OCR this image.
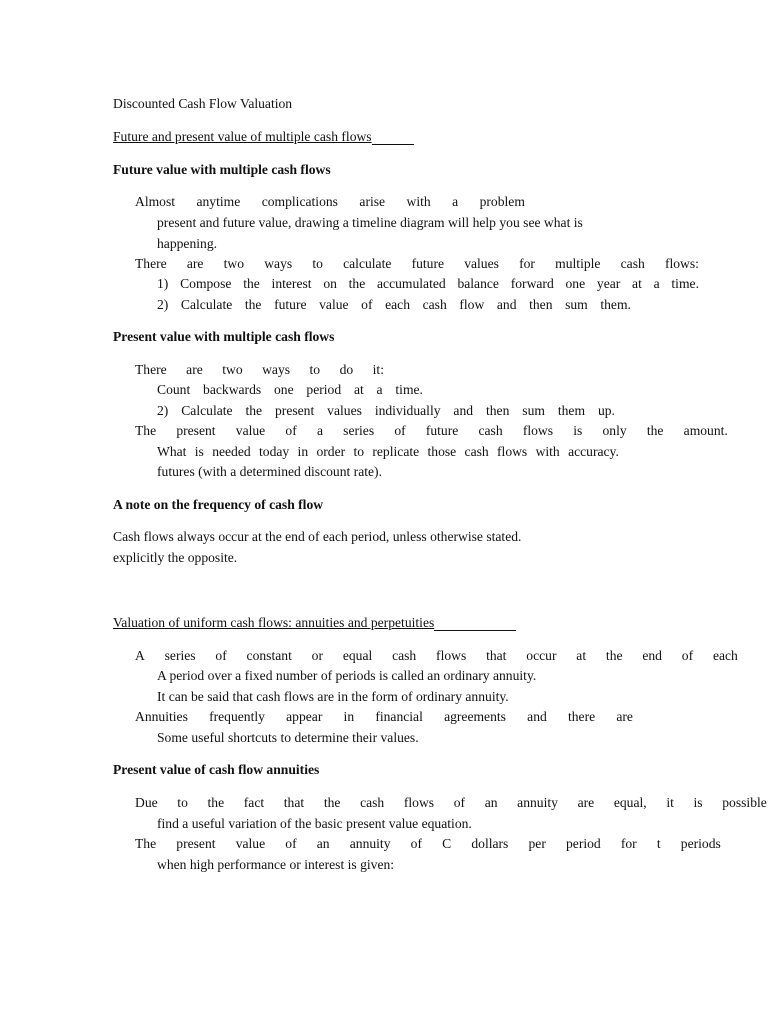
Discounted Cash Flow Valuation
Future and present value of multiple cash flows
Future value with multiple cash flows
Almost anytime complications arise with a problem
present and future value, drawing a timeline diagram will help you see what is
happening.
There are two ways to calculate future values for multiple cash flows:
1) Compose the interest on the accumulated balance forward one year at a time.
2) Calculate the future value of each cash flow and then sum them.
Present value with multiple cash flows
There are two ways to do it:
Count backwards one period at a time.
2) Calculate the present values individually and then sum them up.
The present value of a series of future cash flows is only the amount.
What is needed today in order to replicate those cash flows with accuracy.
futures (with a determined discount rate).
A note on the frequency of cash flow
Cash flows always occur at the end of each period, unless otherwise stated.
explicitly the opposite.
Valuation of uniform cash flows: annuities and perpetuities
A series of constant or equal cash flows that occur at the end of each
A period over a fixed number of periods is called an ordinary annuity.
It can be said that cash flows are in the form of ordinary annuity.
Annuities frequently appear in financial agreements and there are
Some useful shortcuts to determine their values.
Present value of cash flow annuities
Due to the fact that the cash flows of an annuity are equal, it is possible
find a useful variation of the basic present value equation.
The present value of an annuity of C dollars per period for t periods
when high performance or interest is given:
